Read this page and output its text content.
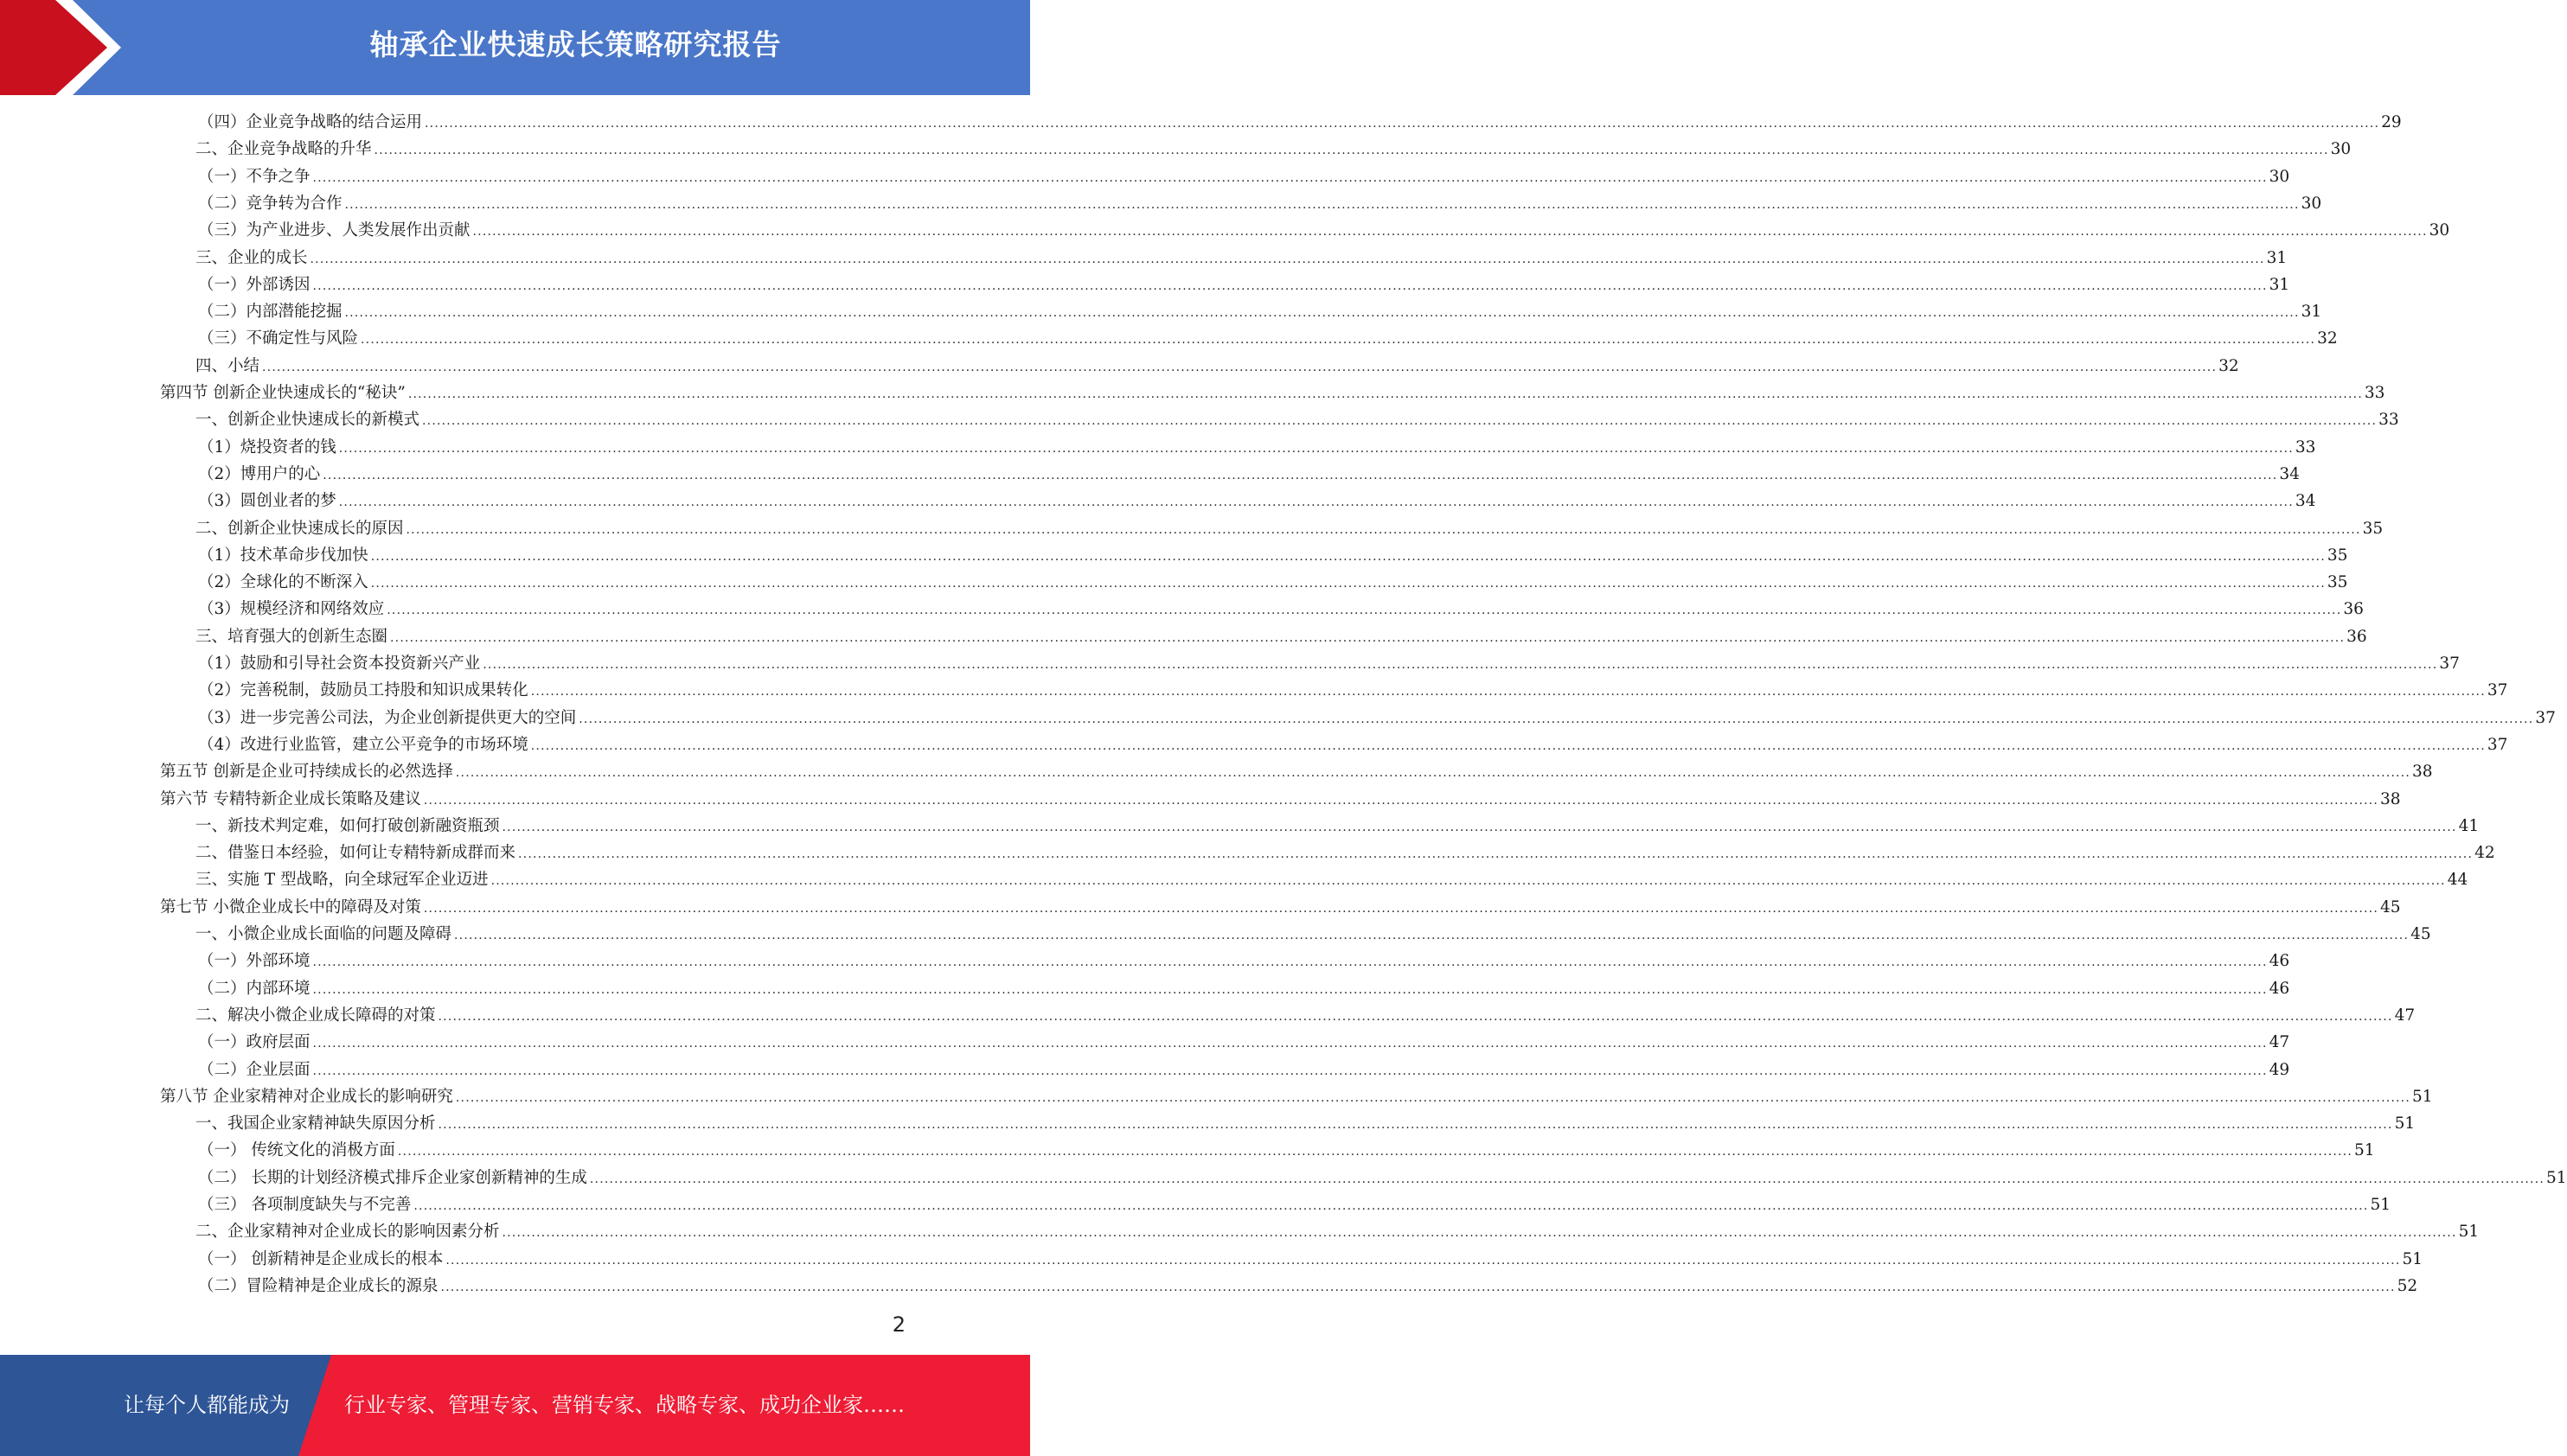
轴承企业快速成长策略研究报告
（四）企业竞争战略的结合运用 ................................................................................................................................................................................................................................................................................................................................................................................................................ 29
二、企业竞争战略的升华 ................................................................................................................................................................................................................................................................................................................................................................................................................ 30
（一）不争之争 ................................................................................................................................................................................................................................................................................................................................................................................................................ 30
（二）竞争转为合作 ................................................................................................................................................................................................................................................................................................................................................................................................................ 30
（三）为产业进步、人类发展作出贡献 ................................................................................................................................................................................................................................................................................................................................................................................................................ 30
三、企业的成长 ................................................................................................................................................................................................................................................................................................................................................................................................................ 31
（一）外部诱因 ................................................................................................................................................................................................................................................................................................................................................................................................................ 31
（二）内部潜能挖掘 ................................................................................................................................................................................................................................................................................................................................................................................................................ 31
（三）不确定性与风险 ................................................................................................................................................................................................................................................................................................................................................................................................................ 32
四、小结 ................................................................................................................................................................................................................................................................................................................................................................................................................ 32
第四节 创新企业快速成长的“秘诀” ................................................................................................................................................................................................................................................................................................................................................................................................................ 33
一、创新企业快速成长的新模式 ................................................................................................................................................................................................................................................................................................................................................................................................................ 33
（1）烧投资者的钱 ................................................................................................................................................................................................................................................................................................................................................................................................................ 33
（2）博用户的心 ................................................................................................................................................................................................................................................................................................................................................................................................................ 34
（3）圆创业者的梦 ................................................................................................................................................................................................................................................................................................................................................................................................................ 34
二、创新企业快速成长的原因 ................................................................................................................................................................................................................................................................................................................................................................................................................ 35
（1）技术革命步伐加快 ................................................................................................................................................................................................................................................................................................................................................................................................................ 35
（2）全球化的不断深入 ................................................................................................................................................................................................................................................................................................................................................................................................................ 35
（3）规模经济和网络效应 ................................................................................................................................................................................................................................................................................................................................................................................................................ 36
三、培育强大的创新生态圈 ................................................................................................................................................................................................................................................................................................................................................................................................................ 36
（1）鼓励和引导社会资本投资新兴产业 ................................................................................................................................................................................................................................................................................................................................................................................................................ 37
（2）完善税制，鼓励员工持股和知识成果转化 ................................................................................................................................................................................................................................................................................................................................................................................................................ 37
（3）进一步完善公司法，为企业创新提供更大的空间 ................................................................................................................................................................................................................................................................................................................................................................................................................ 37
（4）改进行业监管，建立公平竞争的市场环境 ................................................................................................................................................................................................................................................................................................................................................................................................................ 37
第五节 创新是企业可持续成长的必然选择 ................................................................................................................................................................................................................................................................................................................................................................................................................ 38
第六节 专精特新企业成长策略及建议 ................................................................................................................................................................................................................................................................................................................................................................................................................ 38
一、新技术判定难，如何打破创新融资瓶颈 ................................................................................................................................................................................................................................................................................................................................................................................................................ 41
二、借鉴日本经验，如何让专精特新成群而来 ................................................................................................................................................................................................................................................................................................................................................................................................................ 42
三、实施 T 型战略，向全球冠军企业迈进 ................................................................................................................................................................................................................................................................................................................................................................................................................ 44
第七节 小微企业成长中的障碍及对策 ................................................................................................................................................................................................................................................................................................................................................................................................................ 45
一、小微企业成长面临的问题及障碍 ................................................................................................................................................................................................................................................................................................................................................................................................................ 45
（一）外部环境 ................................................................................................................................................................................................................................................................................................................................................................................................................ 46
（二）内部环境 ................................................................................................................................................................................................................................................................................................................................................................................................................ 46
二、解决小微企业成长障碍的对策 ................................................................................................................................................................................................................................................................................................................................................................................................................ 47
（一）政府层面 ................................................................................................................................................................................................................................................................................................................................................................................................................ 47
（二）企业层面 ................................................................................................................................................................................................................................................................................................................................................................................................................ 49
第八节 企业家精神对企业成长的影响研究 ................................................................................................................................................................................................................................................................................................................................................................................................................ 51
一、我国企业家精神缺失原因分析 ................................................................................................................................................................................................................................................................................................................................................................................................................ 51
（一） 传统文化的消极方面 ................................................................................................................................................................................................................................................................................................................................................................................................................ 51
（二） 长期的计划经济模式排斥企业家创新精神的生成 ................................................................................................................................................................................................................................................................................................................................................................................................................ 51
（三） 各项制度缺失与不完善 ................................................................................................................................................................................................................................................................................................................................................................................................................ 51
二、企业家精神对企业成长的影响因素分析 ................................................................................................................................................................................................................................................................................................................................................................................................................ 51
（一） 创新精神是企业成长的根本 ................................................................................................................................................................................................................................................................................................................................................................................................................ 51
（二）冒险精神是企业成长的源泉 ................................................................................................................................................................................................................................................................................................................................................................................................................ 52
2
让每个人都能成为	行业专家、管理专家、营销专家、战略专家、成功企业家……
